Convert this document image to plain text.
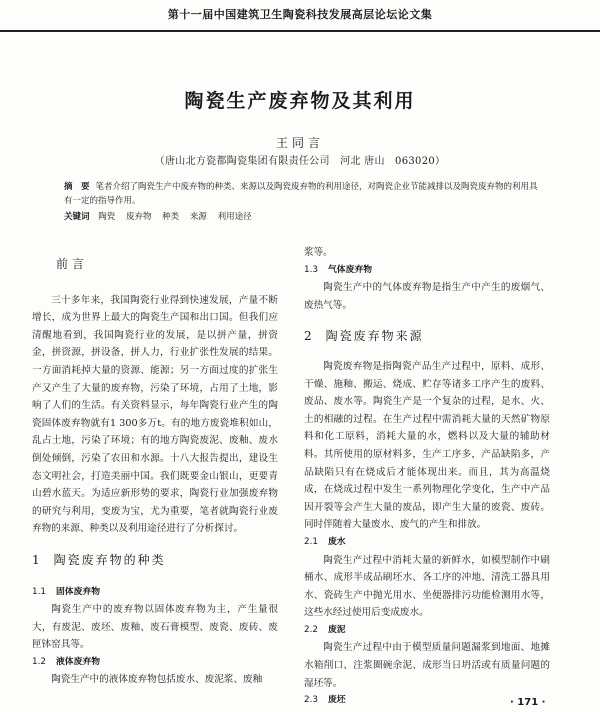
第十一届中国建筑卫生陶瓷科技发展高层论坛论文集
陶瓷生产废弃物及其利用
王同言
（唐山北方瓷都陶瓷集团有限责任公司　河北 唐山　063020）
摘　要 笔者介绍了陶瓷生产中废弃物的种类、来源以及陶瓷废弃物的利用途径，对陶瓷企业节能减排以及陶瓷废弃物的利用具有一定的指导作用。
关键词 陶瓷 废弃物 种类 来源 利用途径
前言

三十多年来，我国陶瓷行业得到快速发展，产量不断增长，成为世界上最大的陶瓷生产国和出口国。但我们应清醒地看到，我国陶瓷行业的发展，是以拼产量，拼资金，拼资源，拼设备，拼人力，行业扩张性发展的结果。一方面消耗掉大量的资源、能源；另一方面过度的扩张生产又产生了大量的废弃物，污染了环境，占用了土地，影响了人们的生活。有关资料显示，每年陶瓷行业产生的陶瓷固体废弃物就有1 300多万t。有的地方废瓷堆积如山，乱占土地，污染了环境；有的地方陶瓷废泥、废釉、废水倒处倾倒，污染了农田和水源。十八大报告提出，建设生态文明社会，打造美丽中国。我们既要金山银山，更要青山碧水蓝天。为适应新形势的要求，陶瓷行业加强废弃物的研究与利用，变废为宝，尤为重要，笔者就陶瓷行业废弃物的来源、种类以及利用途径进行了分析探讨。

1 陶瓷废弃物的种类
1.1 固体废弃物

陶瓷生产中的废弃物以固体废弃物为主，产生量很大，有废泥、废坯、废釉、废石膏模型、废瓷、废砖、废匣钵窑具等。

1.2 液体废弃物

陶瓷生产中的液体废弃物包括废水、废泥浆、废釉

浆等。

1.3 气体废弃物

陶瓷生产中的气体废弃物是指生产中产生的废烟气、废热气等。

2 陶瓷废弃物来源

陶瓷废弃物是指陶瓷产品生产过程中，原料、成形、干燥、施釉、搬运、烧成、贮存等诸多工序产生的废料、废品、废水等。陶瓷生产是一个复杂的过程，是水、火、土的相融的过程。在生产过程中需消耗大量的天然矿物原料和化工原料，消耗大量的水，燃料以及大量的辅助材料。其所使用的原材料多，生产工序多，产品缺陷多，产品缺陷只有在烧成后才能体现出来。而且，其为高温烧成，在烧成过程中发生一系列物理化学变化，生产中产品因开裂等会产生大量的废品，即产生大量的废瓷、废砖。同时伴随着大量废水、废气的产生和排放。

2.1 废水

陶瓷生产过程中消耗大量的新鲜水，如模型制作中刷桶水、成形半成品刷坯水、各工序的冲地、清洗工器具用水、瓷砖生产中抛光用水、坐便器排污功能检测用水等，这些水经过使用后变成废水。

2.2 废泥

陶瓷生产过程中由于模型质量问题漏浆到地面、地摊水箱削口、注浆圈碗余泥、成形当日坍活或有质量问题的湿坯等。

2.3 废坯	· 171 ·
